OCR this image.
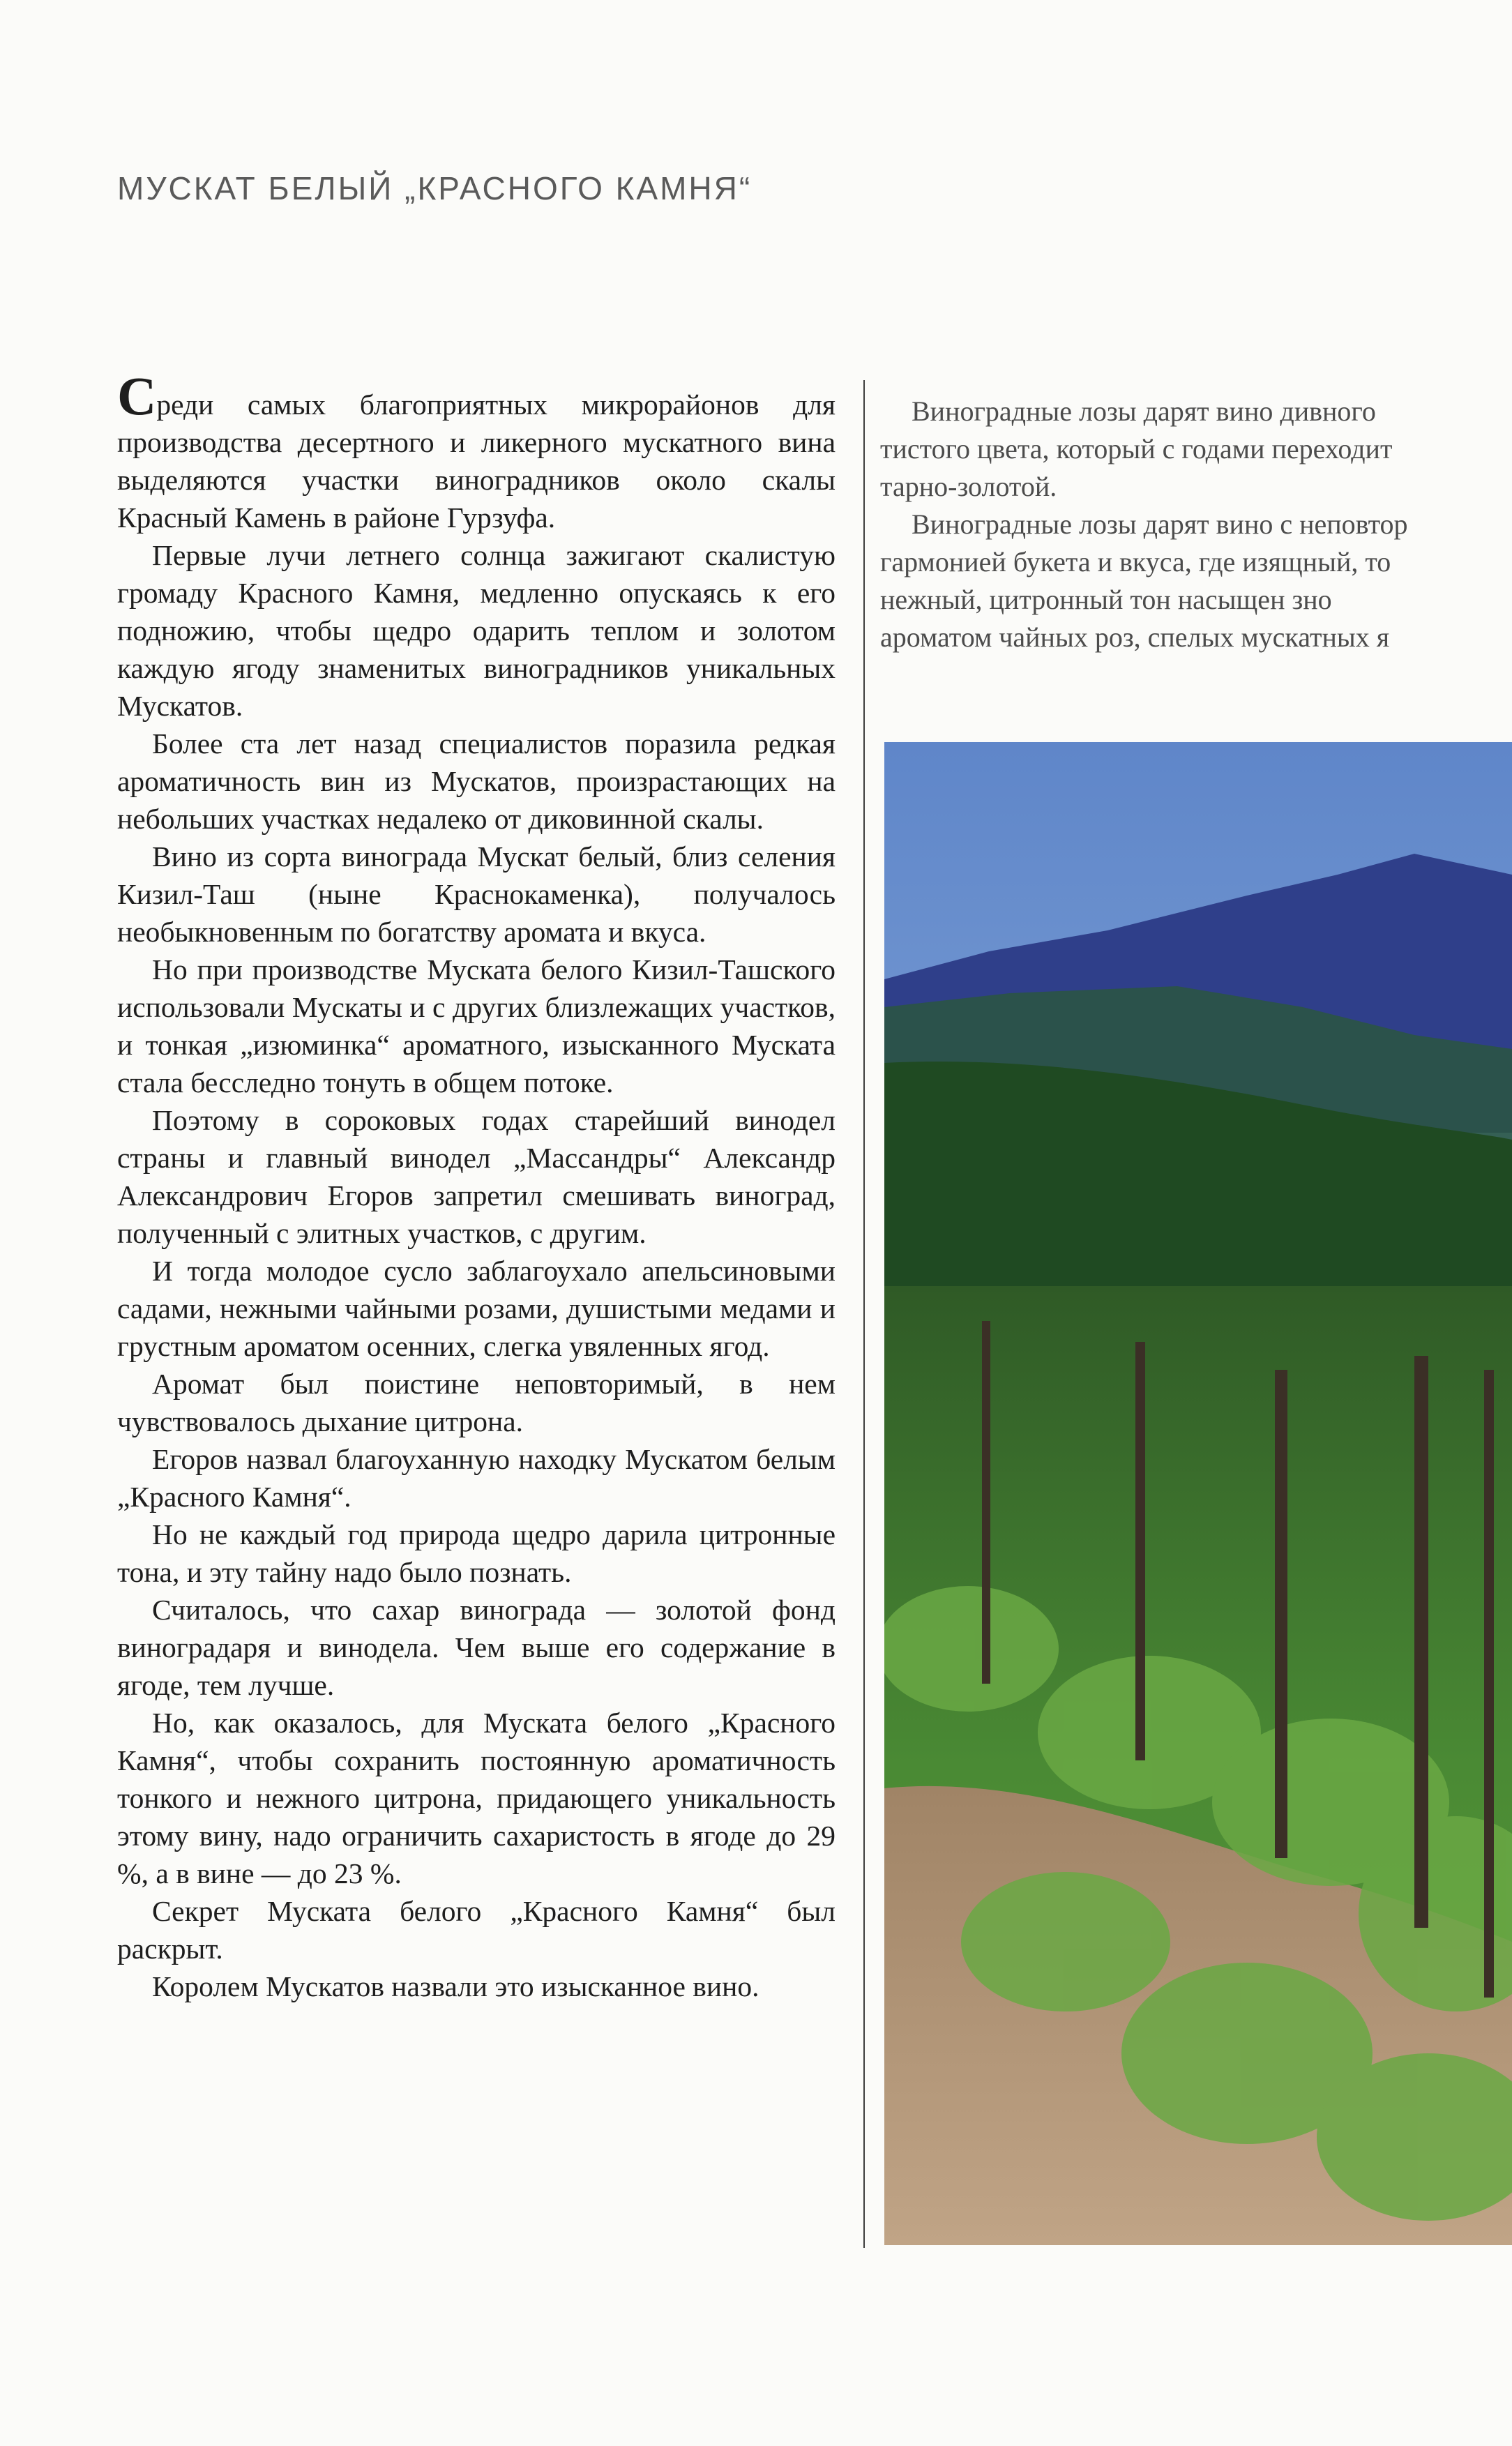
МУСКАТ БЕЛЫЙ „КРАСНОГО КАМНЯ“

Среди самых благоприятных микрорайонов для производства десертного и ликерного мускатного вина выделяются участки виноградников около скалы Красный Камень в районе Гурзуфа.

Первые лучи летнего солнца зажигают скалистую громаду Красного Камня, медленно опускаясь к его подножию, чтобы щедро одарить теплом и золотом каждую ягоду знаменитых виноградников уникальных Мускатов.

Более ста лет назад специалистов поразила редкая ароматичность вин из Мускатов, произрастающих на небольших участках недалеко от диковинной скалы.

Вино из сорта винограда Мускат белый, близ селения Кизил-Таш (ныне Краснокаменка), получалось необыкновенным по богатству аромата и вкуса.

Но при производстве Муската белого Кизил-Ташского использовали Мускаты и с других близлежащих участков, и тонкая „изюминка“ ароматного, изысканного Муската стала бесследно тонуть в общем потоке.

Поэтому в сороковых годах старейший винодел страны и главный винодел „Массандры“ Александр Александрович Егоров запретил смешивать виноград, полученный с элитных участков, с другим.

И тогда молодое сусло заблагоухало апельсиновыми садами, нежными чайными розами, душистыми медами и грустным ароматом осенних, слегка увяленных ягод.

Аромат был поистине неповторимый, в нем чувствовалось дыхание цитрона.

Егоров назвал благоуханную находку Мускатом белым „Красного Камня“.

Но не каждый год природа щедро дарила цитронные тона, и эту тайну надо было познать.

Считалось, что сахар винограда — золотой фонд виноградаря и винодела. Чем выше его содержание в ягоде, тем лучше.

Но, как оказалось, для Муската белого „Красного Камня“, чтобы сохранить постоянную ароматичность тонкого и нежного цитрона, придающего уникальность этому вину, надо ограничить сахаристость в ягоде до 29 %, а в вине — до 23 %.

Секрет Муската белого „Красного Камня“ был раскрыт.

Королем Мускатов назвали это изысканное вино.

Виноградные лозы дарят вино дивного

тистого цвета, который с годами переходит

тарно-золотой.

Виноградные лозы дарят вино с неповтор

гармонией букета и вкуса, где изящный, то

нежный, цитронный тон насыщен зно

ароматом чайных роз, спелых мускатных я
